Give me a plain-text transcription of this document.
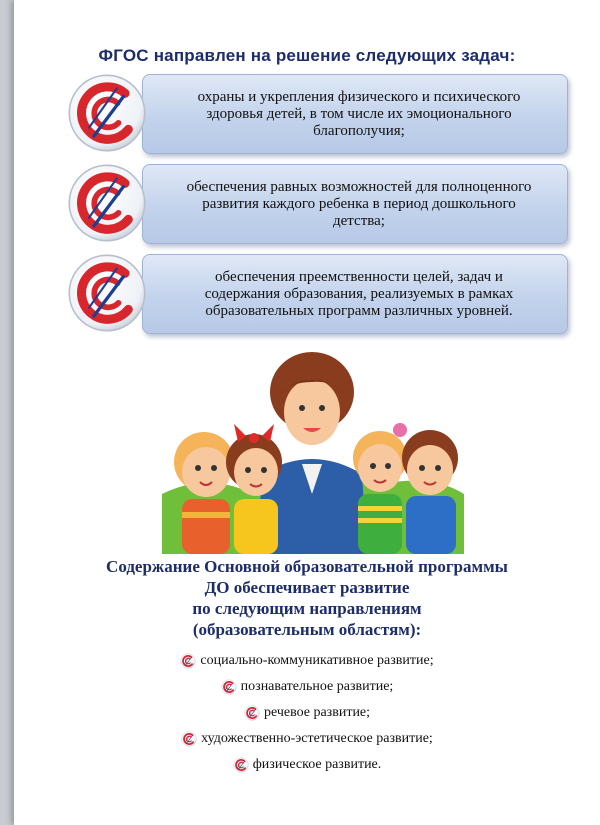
ФГОС направлен на решение следующих задач:
охраны и укрепления физического и психического здоровья детей, в том числе их эмоционального благополучия;
обеспечения равных возможностей для полноценного развития каждого ребенка в период дошкольного детства;
обеспечения преемственности целей, задач и содержания образования, реализуемых в рамках образовательных программ различных уровней.
Содержание Основной образовательной программы
ДО обеспечивает развитие
по следующим направлениям
(образовательным областям):
социально-коммуникативное развитие;
познавательное развитие;
речевое развитие;
художественно-эстетическое развитие;
физическое развитие.
